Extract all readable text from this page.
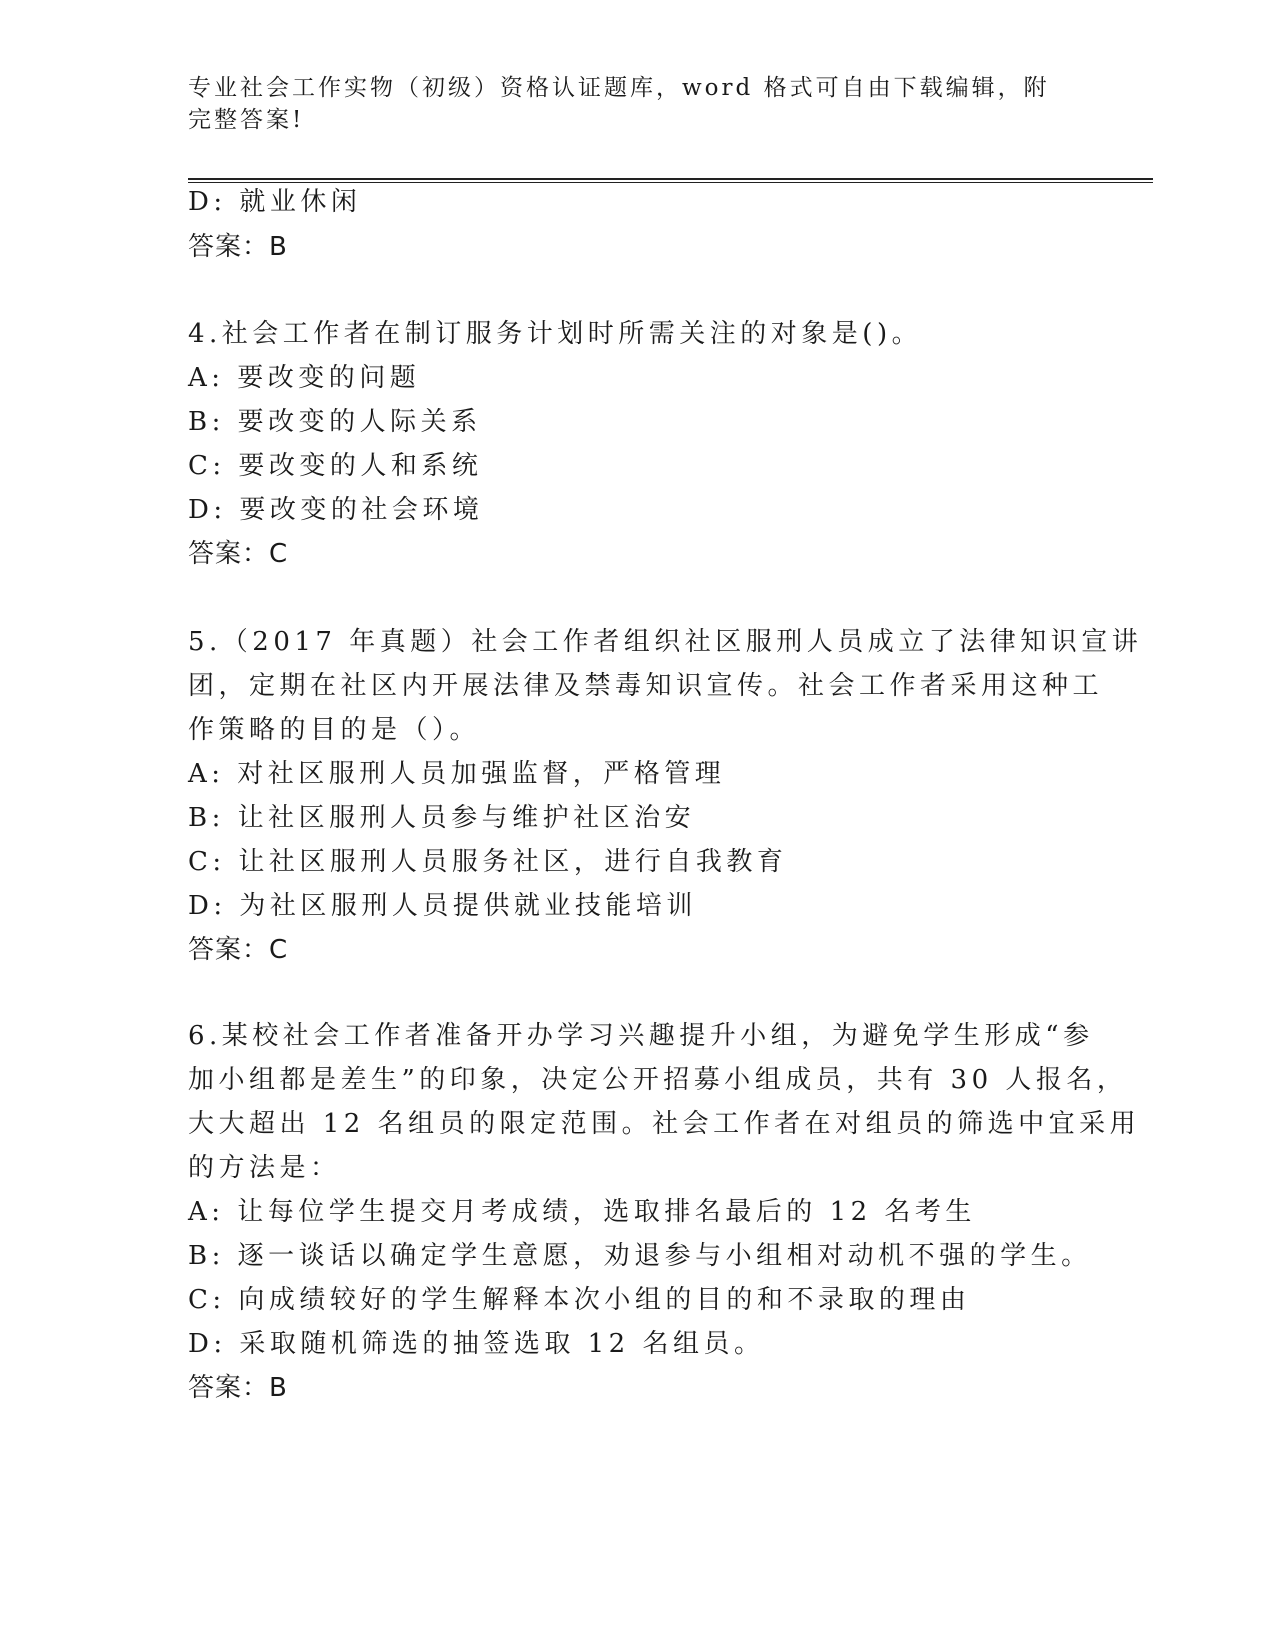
专业社会工作实物（初级）资格认证题库，word 格式可自由下载编辑，附完整答案!
D: 就业休闲
答案：B
4.社会工作者在制订服务计划时所需关注的对象是()。
A: 要改变的问题
B: 要改变的人际关系
C: 要改变的人和系统
D: 要改变的社会环境
答案：C
5.（2017 年真题）社会工作者组织社区服刑人员成立了法律知识宣讲
团，定期在社区内开展法律及禁毒知识宣传。社会工作者采用这种工
作策略的目的是（）。
A: 对社区服刑人员加强监督，严格管理
B: 让社区服刑人员参与维护社区治安
C: 让社区服刑人员服务社区，进行自我教育
D: 为社区服刑人员提供就业技能培训
答案：C
6.某校社会工作者准备开办学习兴趣提升小组，为避免学生形成“参
加小组都是差生”的印象，决定公开招募小组成员，共有 30 人报名，
大大超出 12 名组员的限定范围。社会工作者在对组员的筛选中宜采用
的方法是：
A: 让每位学生提交月考成绩，选取排名最后的 12 名考生
B: 逐一谈话以确定学生意愿，劝退参与小组相对动机不强的学生。
C: 向成绩较好的学生解释本次小组的目的和不录取的理由
D: 采取随机筛选的抽签选取 12 名组员。
答案：B
